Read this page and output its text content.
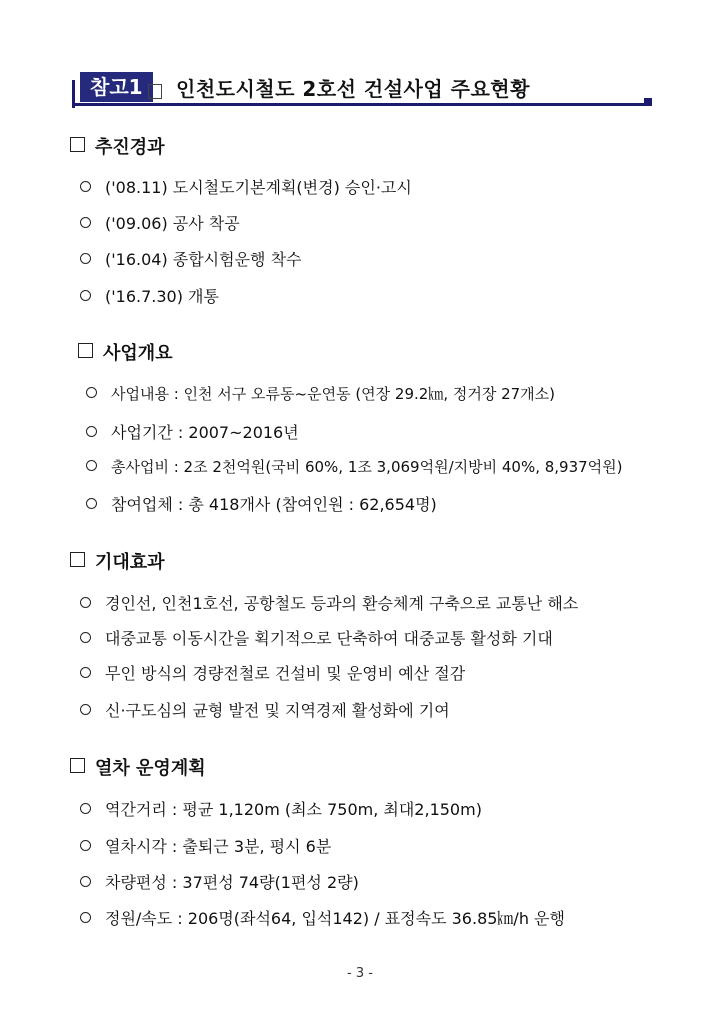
참고1	인천도시철도 2호선 건설사업 주요현황
추진경과
('08.11) 도시철도기본계획(변경) 승인·고시
('09.06) 공사 착공
('16.04) 종합시험운행 착수
('16.7.30) 개통
사업개요
사업내용 : 인천 서구 오류동~운연동 (연장 29.2㎞, 정거장 27개소)
사업기간 : 2007~2016년
총사업비 : 2조 2천억원(국비 60%, 1조 3,069억원/지방비 40%, 8,937억원)
참여업체 : 총 418개사 (참여인원 : 62,654명)
기대효과
경인선, 인천1호선, 공항철도 등과의 환승체계 구축으로 교통난 해소
대중교통 이동시간을 획기적으로 단축하여 대중교통 활성화 기대
무인 방식의 경량전철로 건설비 및 운영비 예산 절감
신·구도심의 균형 발전 및 지역경제 활성화에 기여
열차 운영계획
역간거리 : 평균 1,120m (최소 750m, 최대2,150m)
열차시각 : 출퇴근 3분, 평시 6분
차량편성 : 37편성 74량(1편성 2량)
정원/속도 : 206명(좌석64, 입석142) / 표정속도 36.85㎞/h 운행
- 3 -
